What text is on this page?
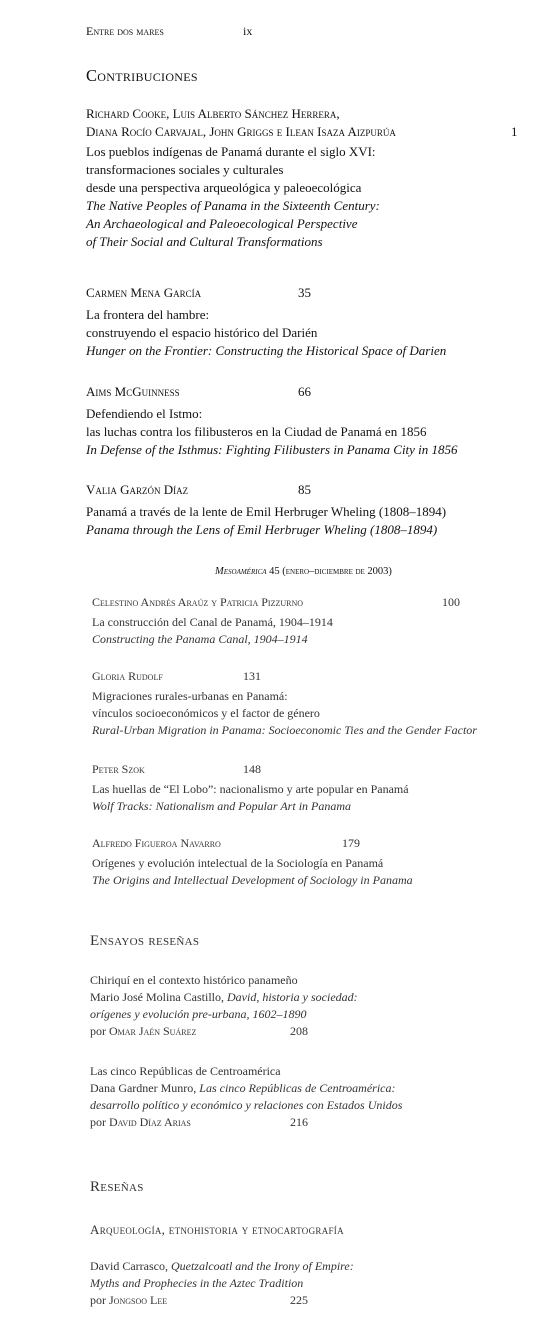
Entre dos mares	ix
Contribuciones
Richard Cooke, Luis Alberto Sánchez Herrera,
Diana Rocío Carvajal, John Griggs e Ilean Isaza Aizpurúa	1
Los pueblos indígenas de Panamá durante el siglo XVI:
transformaciones sociales y culturales
desde una perspectiva arqueológica y paleoecológica
The Native Peoples of Panama in the Sixteenth Century:
An Archaeological and Paleoecological Perspective
of Their Social and Cultural Transformations
Carmen Mena García	35
La frontera del hambre:
construyendo el espacio histórico del Darién
Hunger on the Frontier: Constructing the Historical Space of Darien
Aims McGuinness	66
Defendiendo el Istmo:
las luchas contra los filibusteros en la Ciudad de Panamá en 1856
In Defense of the Isthmus: Fighting Filibusters in Panama City in 1856
Valia Garzón Díaz	85
Panamá a través de la lente de Emil Herbruger Wheling (1808–1894)
Panama through the Lens of Emil Herbruger Wheling (1808–1894)
Mesoamérica 45 (enero–diciembre de 2003)
Celestino Andrés Araúz y Patricia Pizzurno	100
La construcción del Canal de Panamá, 1904–1914
Constructing the Panama Canal, 1904–1914
Gloria Rudolf	131
Migraciones rurales-urbanas en Panamá:
vínculos socioeconómicos y el factor de género
Rural-Urban Migration in Panama: Socioeconomic Ties and the Gender Factor
Peter Szok	148
Las huellas de “El Lobo”: nacionalismo y arte popular en Panamá
Wolf Tracks: Nationalism and Popular Art in Panama
Alfredo Figueroa Navarro	179
Orígenes y evolución intelectual de la Sociología en Panamá
The Origins and Intellectual Development of Sociology in Panama
Ensayos reseñas
Chiriquí en el contexto histórico panameño
Mario José Molina Castillo, David, historia y sociedad:
orígenes y evolución pre-urbana, 1602–1890
por Omar Jaén Suárez	208
Las cinco Repúblicas de Centroamérica
Dana Gardner Munro, Las cinco Repúblicas de Centroamérica:
desarrollo político y económico y relaciones con Estados Unidos
por David Díaz Arias	216
Reseñas
Arqueología, etnohistoria y etnocartografía
David Carrasco, Quetzalcoatl and the Irony of Empire:
Myths and Prophecies in the Aztec Tradition
por Jongsoo Lee	225
